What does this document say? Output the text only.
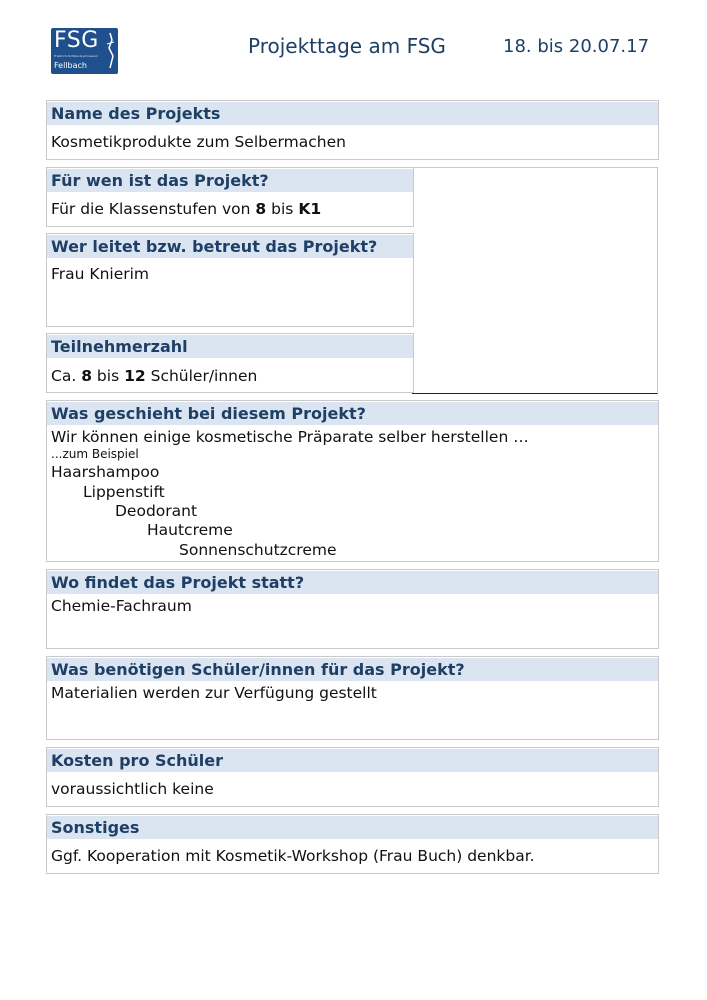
FSG
Friedrich-Schiller-Gymnasium
Fellbach
Projekttage am FSG	18. bis 20.07.17
Name des Projekts
Kosmetikprodukte zum Selbermachen
Für wen ist das Projekt?
Für die Klassenstufen von 8 bis K1
Wer leitet bzw. betreut das Projekt?
Frau Knierim
Teilnehmerzahl
Ca. 8 bis 12 Schüler/innen
Was geschieht bei diesem Projekt?
Wir können einige kosmetische Präparate selber herstellen …
...zum Beispiel
Haarshampoo
Lippenstift
Deodorant
Hautcreme
Sonnenschutzcreme
Wo findet das Projekt statt?
Chemie-Fachraum
Was benötigen Schüler/innen für das Projekt?
Materialien werden zur Verfügung gestellt
Kosten pro Schüler
voraussichtlich keine
Sonstiges
Ggf. Kooperation mit Kosmetik-Workshop (Frau Buch) denkbar.
